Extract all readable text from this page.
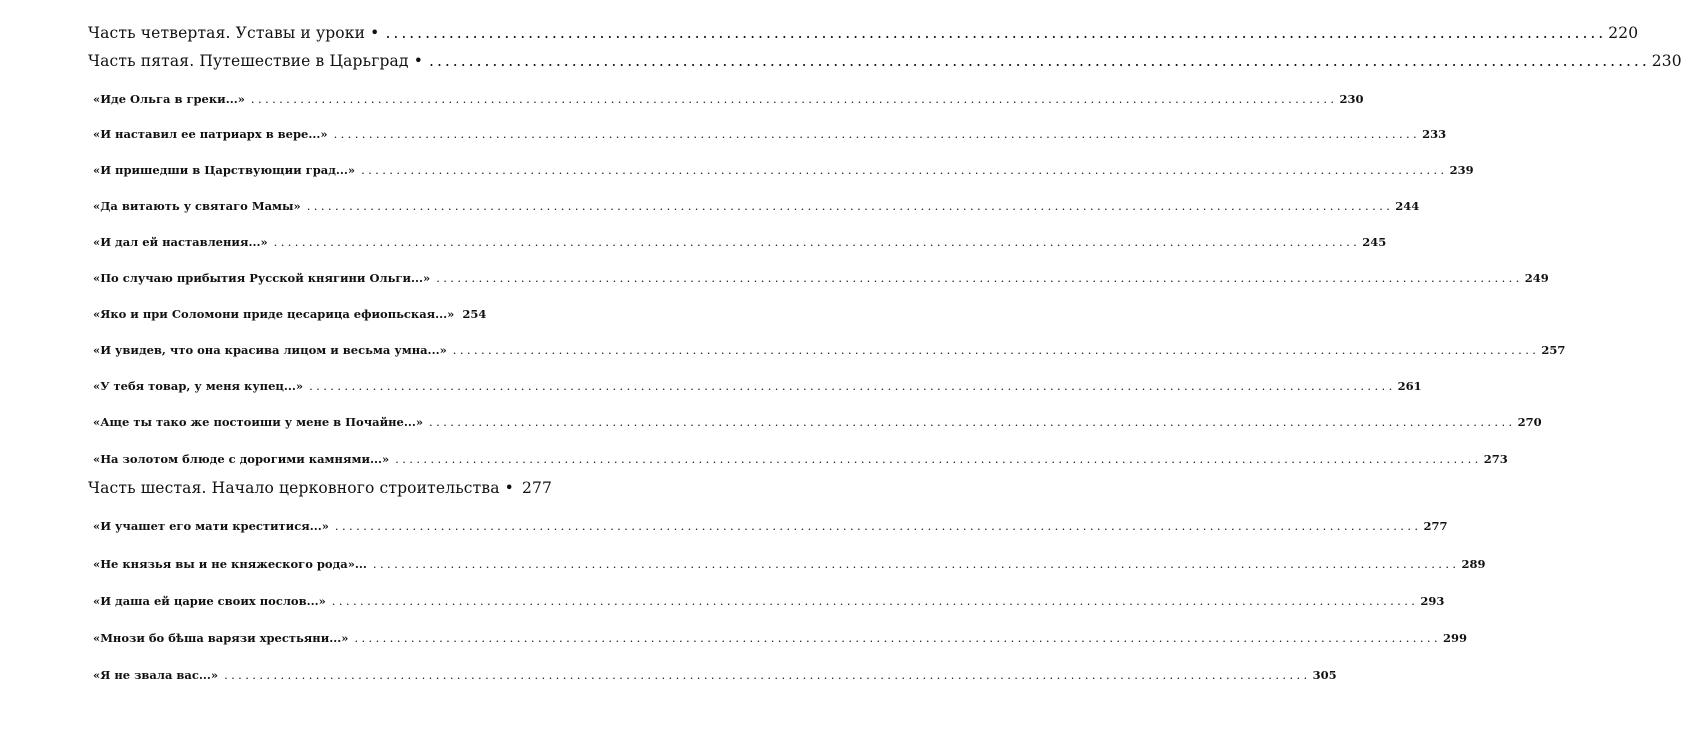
Часть четвертая. Уставы и уроки • .......................................................................................................................................................... 220
Часть пятая. Путешествие в Царьград • .......................................................................................................................................................... 230
«Иде Ольга в греки...» .......................................................................................................................................................... 230
«И наставил ее патриарх в вере...» .......................................................................................................................................................... 233
«И пришедши в Царствующии град...» .......................................................................................................................................................... 239
«Да витають у святаго Мамы» .......................................................................................................................................................... 244
«И дал ей наставления...» .......................................................................................................................................................... 245
«По случаю прибытия Русской княгини Ольги...» .......................................................................................................................................................... 249
«Яко и при Соломони приде цесарица ефиопьская...» 254
«И увидев, что она красива лицом и весьма умна...» .......................................................................................................................................................... 257
«У тебя товар, у меня купец...» .......................................................................................................................................................... 261
«Аще ты тако же постоиши у мене в Почайне...» .......................................................................................................................................................... 270
«На золотом блюде с дорогими камнями...» .......................................................................................................................................................... 273
Часть шестая. Начало церковного строительства • 277
«И учашет его мати креститися...» .......................................................................................................................................................... 277
«Не князья вы и не княжеского рода»... .......................................................................................................................................................... 289
«И даша ей царие своих послов...» .......................................................................................................................................................... 293
«Мнози бо бѣша варязи хрестьяни...» .......................................................................................................................................................... 299
«Я не звала вас...» .......................................................................................................................................................... 305
